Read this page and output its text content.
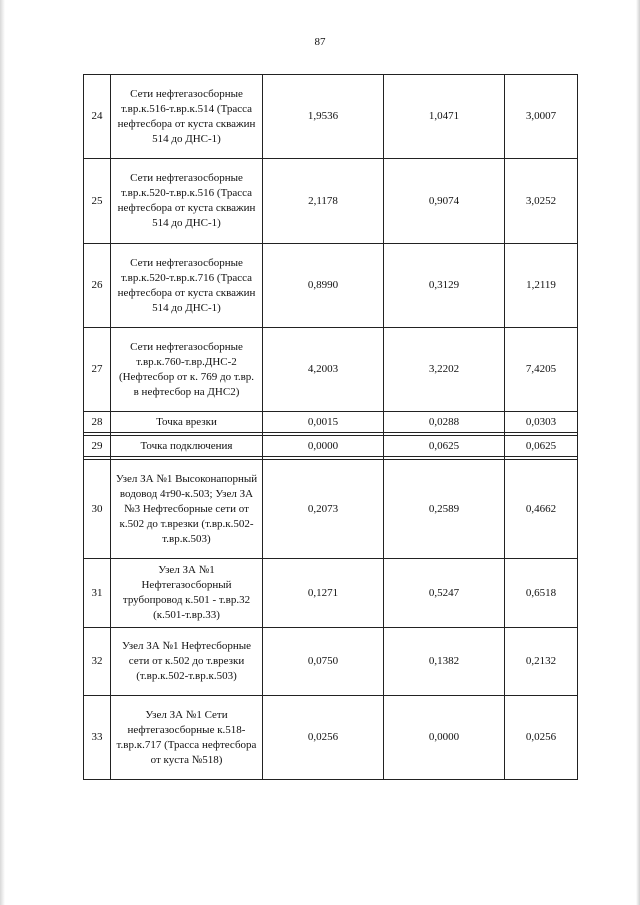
87
24	Сети нефтегазосборные т.вр.к.516-т.вр.к.514 (Трасса нефтесбора от куста скважин 514 до ДНС-1)	1,9536	1,0471	3,0007
25	Сети нефтегазосборные т.вр.к.520-т.вр.к.516 (Трасса нефтесбора от куста скважин 514 до ДНС-1)	2,1178	0,9074	3,0252
26	Сети нефтегазосборные т.вр.к.520-т.вр.к.716 (Трасса нефтесбора от куста скважин 514 до ДНС-1)	0,8990	0,3129	1,2119
27	Сети нефтегазосборные т.вр.к.760-т.вр.ДНС-2 (Нефтесбор от к. 769 до т.вр. в нефтесбор на ДНС2)	4,2003	3,2202	7,4205
28	Точка врезки	0,0015	0,0288	0,0303

29	Точка подключения	0,0000	0,0625	0,0625

30	Узел ЗА №1 Высоконапорный водовод 4т90-к.503; Узел ЗА №3 Нефтесборные сети от к.502 до т.врезки (т.вр.к.502-т.вр.к.503)	0,2073	0,2589	0,4662
31	Узел ЗА №1 Нефтегазосборный трубопровод к.501 - т.вр.32 (к.501-т.вр.33)	0,1271	0,5247	0,6518
32	Узел ЗА №1 Нефтесборные сети от к.502 до т.врезки (т.вр.к.502-т.вр.к.503)	0,0750	0,1382	0,2132
33	Узел ЗА №1 Сети нефтегазосборные к.518-т.вр.к.717 (Трасса нефтесбора от куста №518)	0,0256	0,0000	0,0256
